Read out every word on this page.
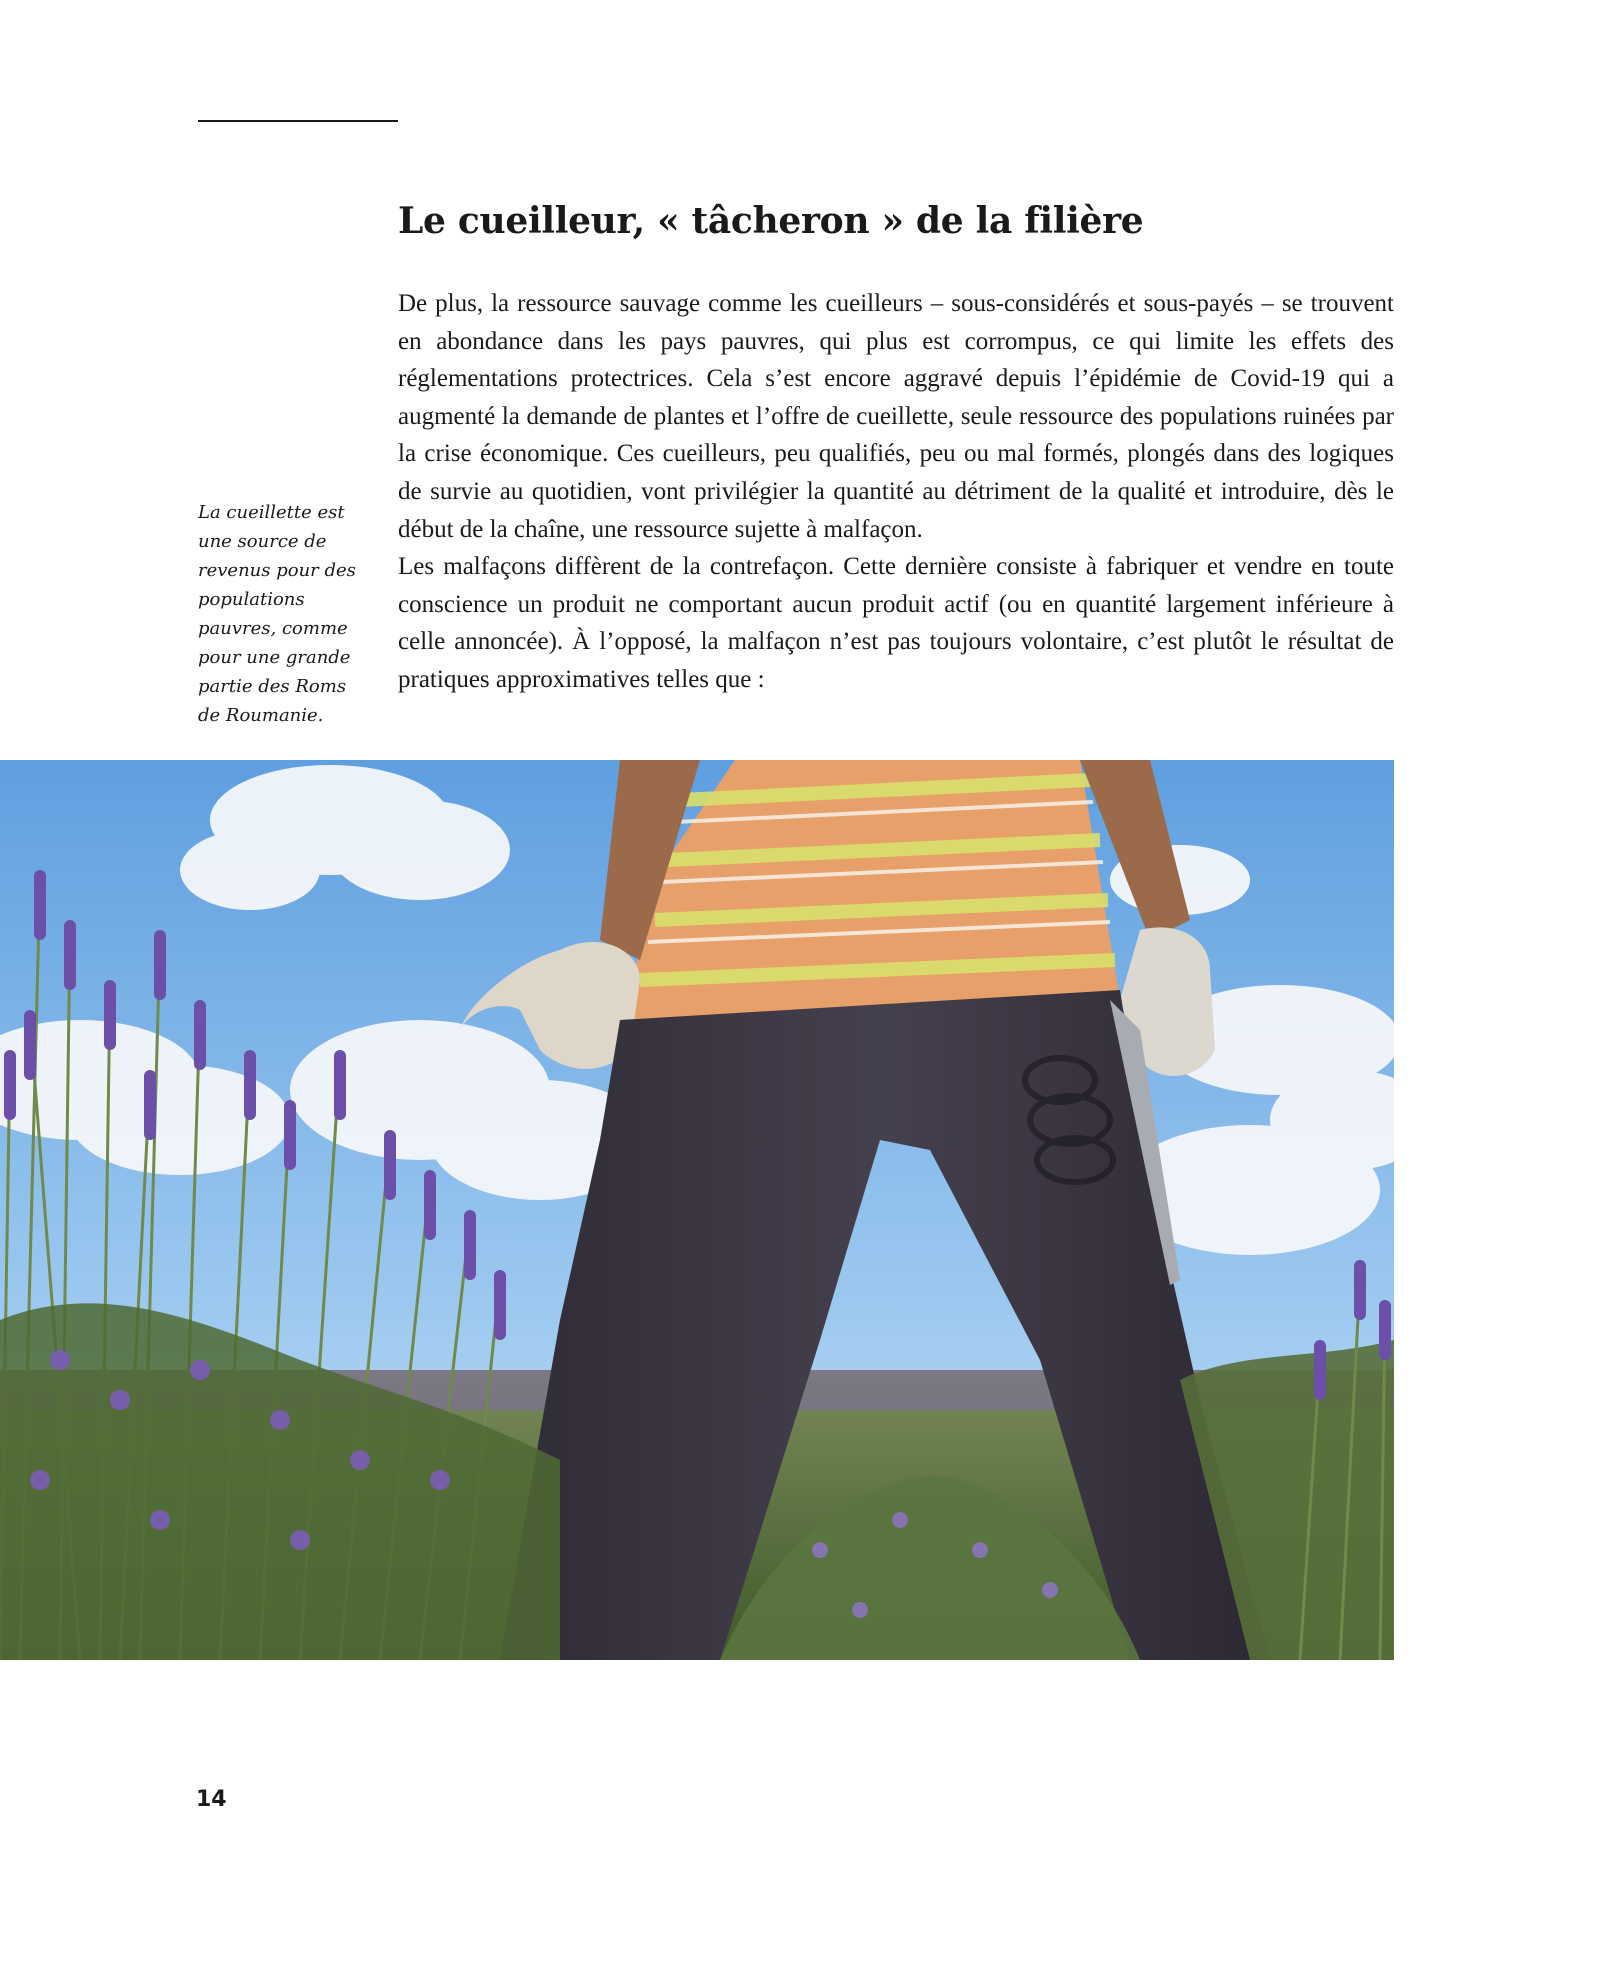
Le cueilleur, « tâcheron » de la filière

De plus, la ressource sauvage comme les cueilleurs – sous-considérés et sous-payés – se trouvent en abondance dans les pays pauvres, qui plus est corrompus, ce qui limite les effets des réglementations protectrices. Cela s’est encore aggravé depuis l’épidémie de Covid-19 qui a augmenté la demande de plantes et l’offre de cueillette, seule ressource des populations ruinées par la crise économique. Ces cueilleurs, peu qualifiés, peu ou mal formés, plongés dans des logiques de survie au quotidien, vont privilégier la quantité au détriment de la qualité et introduire, dès le début de la chaîne, une ressource sujette à malfaçon.

Les malfaçons diffèrent de la contrefaçon. Cette dernière consiste à fabriquer et vendre en toute conscience un produit ne comportant aucun produit actif (ou en quantité largement inférieure à celle annoncée). À l’opposé, la malfaçon n’est pas toujours volontaire, c’est plutôt le résultat de pratiques approximatives telles que :

La cueillette est une source de revenus pour des populations pauvres, comme pour une grande partie des Roms de Roumanie.
14
